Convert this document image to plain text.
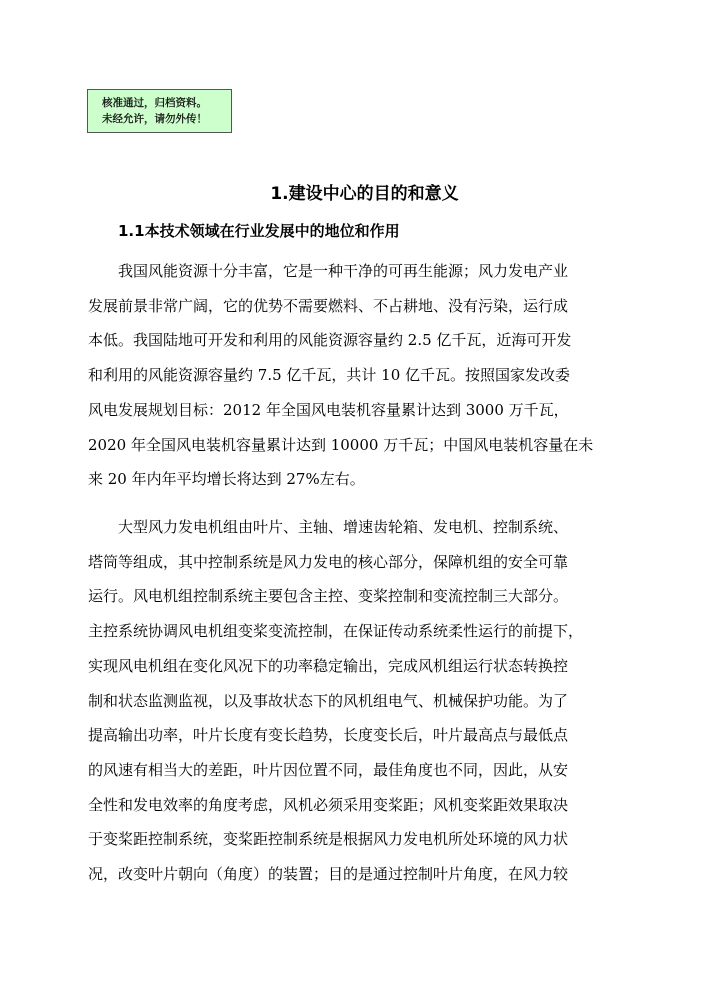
核准通过，归档资料。
未经允许，请勿外传！
1.建设中心的目的和意义
1.1本技术领域在行业发展中的地位和作用
　　我国风能资源十分丰富，它是一种干净的可再生能源；风力发电产业
发展前景非常广阔，它的优势不需要燃料、不占耕地、没有污染，运行成
本低。我国陆地可开发和利用的风能资源容量约 2.5 亿千瓦，近海可开发
和利用的风能资源容量约 7.5 亿千瓦，共计 10 亿千瓦。按照国家发改委
风电发展规划目标：2012 年全国风电装机容量累计达到 3000 万千瓦，
2020 年全国风电装机容量累计达到 10000 万千瓦；中国风电装机容量在未
来 20 年内年平均增长将达到 27%左右。
　　大型风力发电机组由叶片、主轴、增速齿轮箱、发电机、控制系统、
塔筒等组成，其中控制系统是风力发电的核心部分，保障机组的安全可靠
运行。风电机组控制系统主要包含主控、变桨控制和变流控制三大部分。
主控系统协调风电机组变桨变流控制，在保证传动系统柔性运行的前提下，
实现风电机组在变化风况下的功率稳定输出，完成风机组运行状态转换控
制和状态监测监视，以及事故状态下的风机组电气、机械保护功能。为了
提高输出功率，叶片长度有变长趋势，长度变长后，叶片最高点与最低点
的风速有相当大的差距，叶片因位置不同，最佳角度也不同，因此，从安
全性和发电效率的角度考虑，风机必须采用变桨距；风机变桨距效果取决
于变桨距控制系统，变桨距控制系统是根据风力发电机所处环境的风力状
况，改变叶片朝向（角度）的装置；目的是通过控制叶片角度，在风力较
